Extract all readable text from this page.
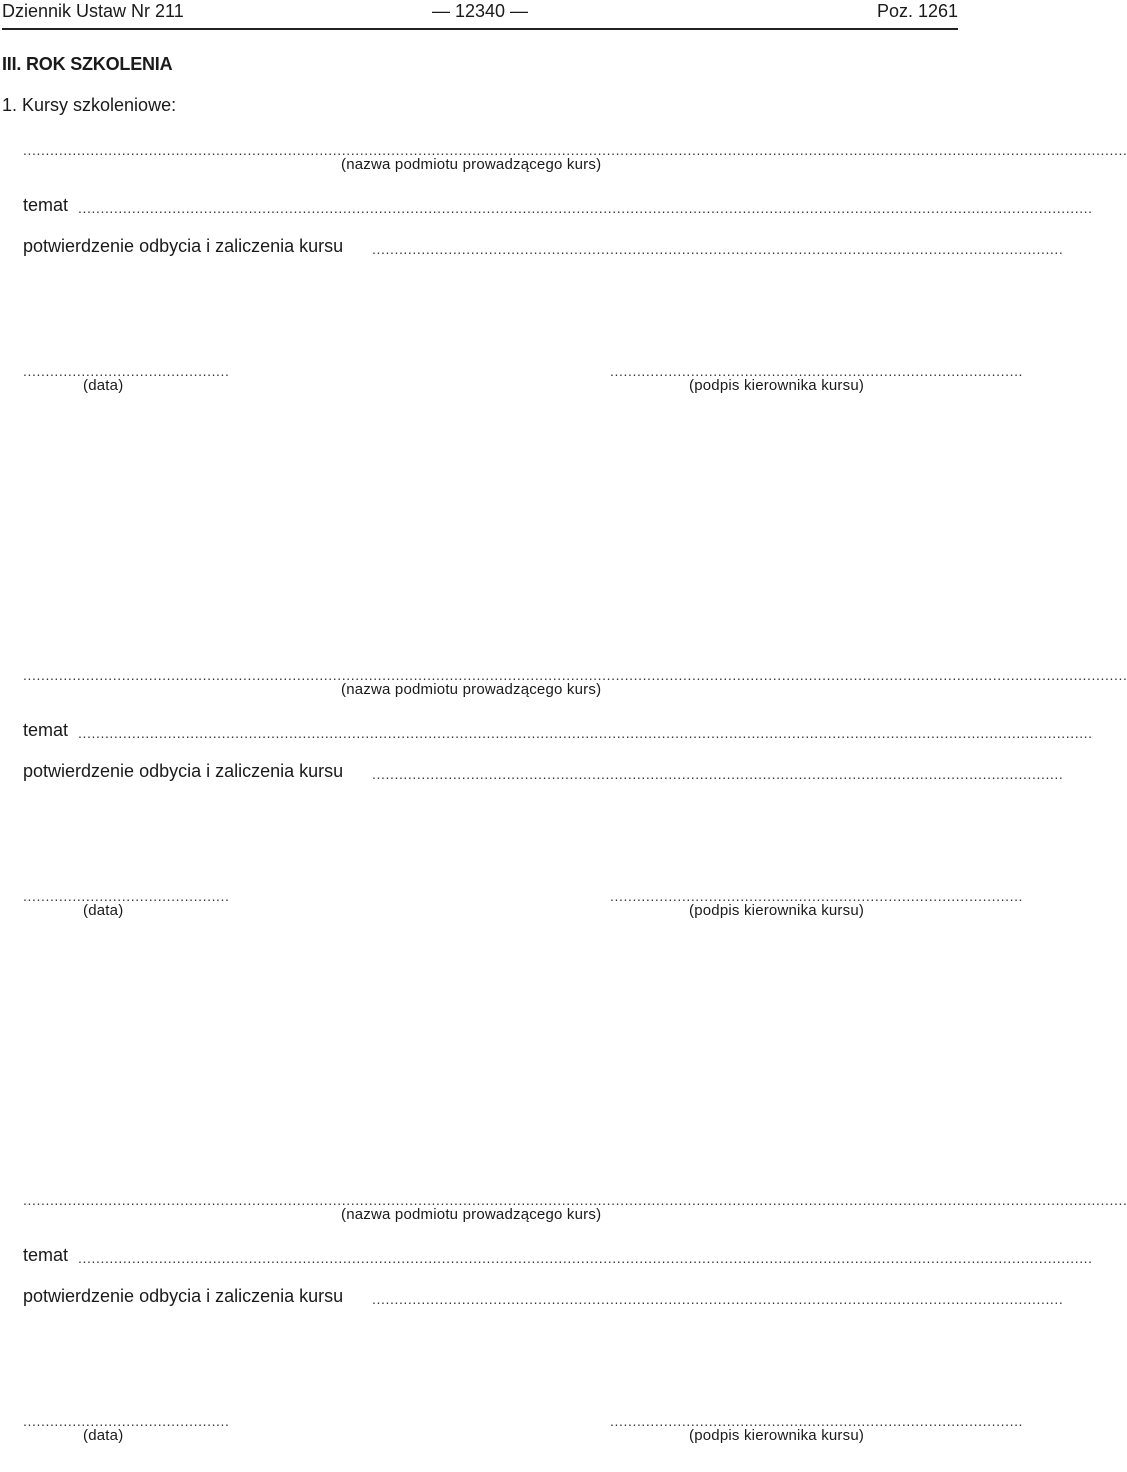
Dziennik Ustaw Nr 211	— 12340 —	Poz. 1261
III. ROK SZKOLENIA
1. Kursy szkoleniowe:
......................................................................................................................................................................................................................................................
(nazwa podmiotu prowadzącego kurs)
temat ..................................................................................................................................................................................................................................
potwierdzenie odbycia i zaliczenia kursu ..........................................................................................................................................................
..............................................
(data)
............................................................................................
(podpis kierownika kursu)
......................................................................................................................................................................................................................................................
(nazwa podmiotu prowadzącego kurs)
temat ..................................................................................................................................................................................................................................
potwierdzenie odbycia i zaliczenia kursu ..........................................................................................................................................................
..............................................
(data)
............................................................................................
(podpis kierownika kursu)
......................................................................................................................................................................................................................................................
(nazwa podmiotu prowadzącego kurs)
temat ..................................................................................................................................................................................................................................
potwierdzenie odbycia i zaliczenia kursu ..........................................................................................................................................................
..............................................
(data)
............................................................................................
(podpis kierownika kursu)
